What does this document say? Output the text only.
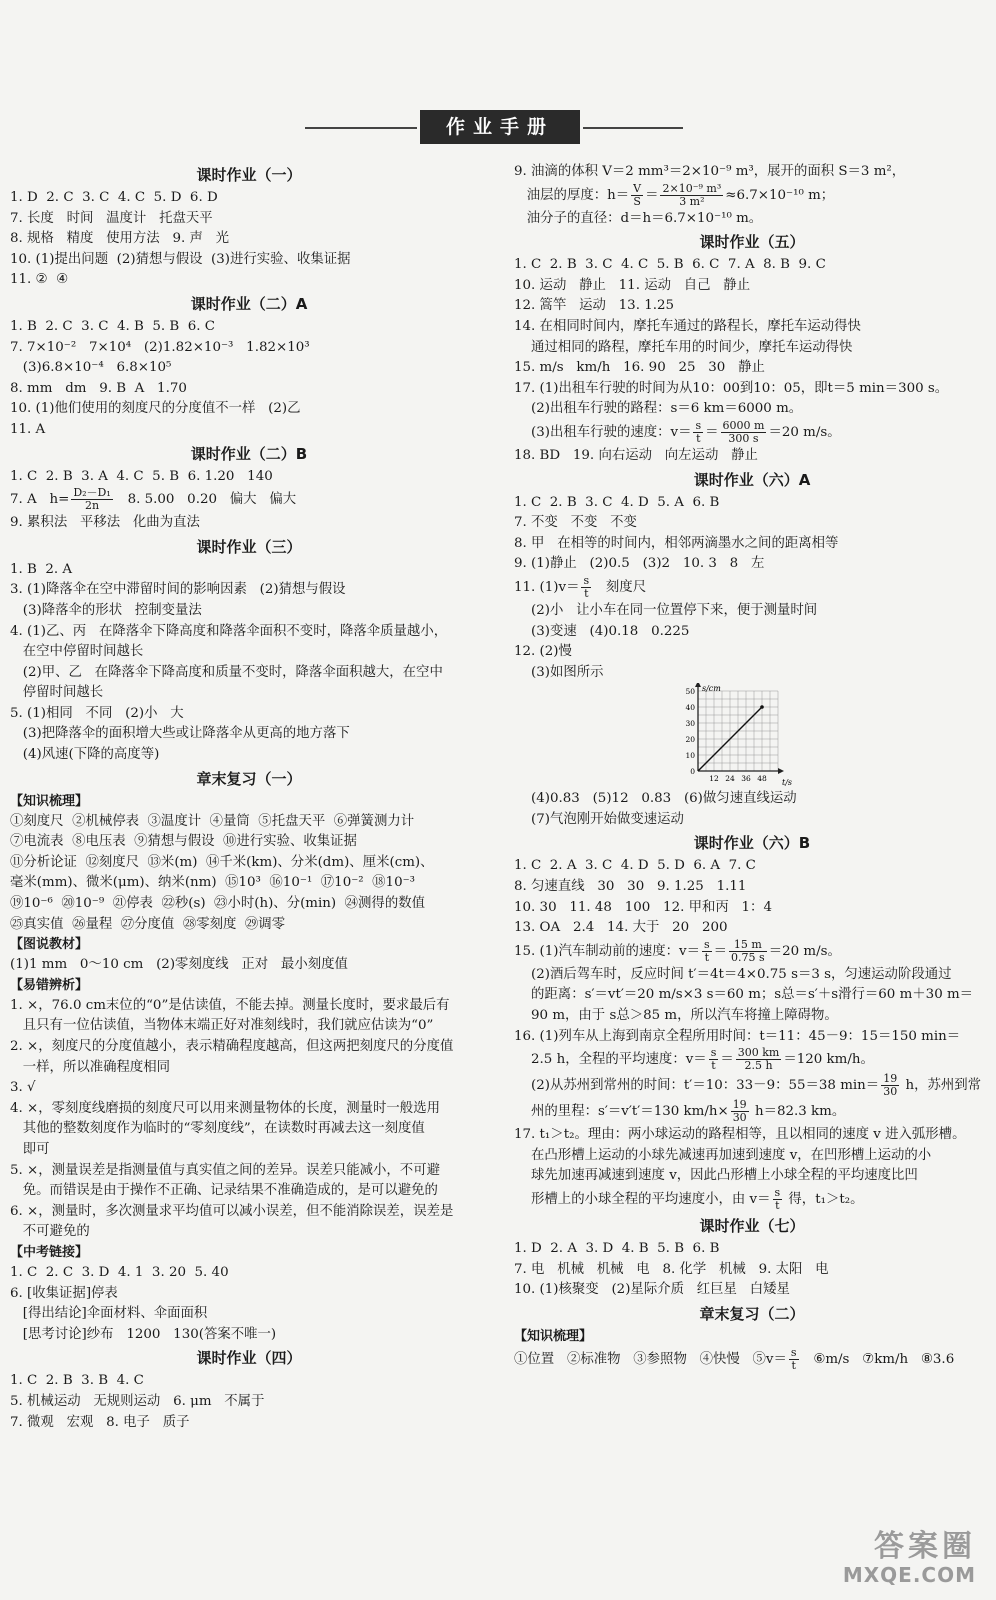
作业手册
课时作业（一）
1. D  2. C  3. C  4. C  5. D  6. D
7. 长度   时间   温度计   托盘天平
8. 规格   精度   使用方法   9. 声   光
10. (1)提出问题  (2)猜想与假设  (3)进行实验、收集证据
11. ②  ④
课时作业（二）A
1. B  2. C  3. C  4. B  5. B  6. C
7. 7×10⁻²   7×10⁴   (2)1.82×10⁻³   1.82×10³
(3)6.8×10⁻⁴   6.8×10⁵
8. mm   dm   9. B  A   1.70
10. (1)他们使用的刻度尺的分度值不一样   (2)乙
11. A
课时作业（二）B
1. C  2. B  3. A  4. C  5. B  6. 1.20   140
7. A   $h= \frac{\text{D₂－D₁}}{2n} 8$. 5.00   0.20   偏大   偏大
9. 累积法   平移法   化曲为直法
课时作业（三）
1. B  2. A
3. (1)降落伞在空中滞留时间的影响因素   (2)猜想与假设
(3)降落伞的形状   控制变量法
4. (1)乙、丙   在降落伞下降高度和降落伞面积不变时，降落伞质量越小，
在空中停留时间越长
(2)甲、乙   在降落伞下降高度和质量不变时，降落伞面积越大，在空中
停留时间越长
5. (1)相同   不同   (2)小   大
(3)把降落伞的面积增大些或让降落伞从更高的地方落下
(4)风速(下降的高度等)
章末复习（一）
【知识梳理】
①刻度尺  ②机械停表  ③温度计  ④量筒  ⑤托盘天平  ⑥弹簧测力计
⑦电流表  ⑧电压表  ⑨猜想与假设  ⑩进行实验、收集证据
⑪分析论证  ⑫刻度尺  ⑬米(m)  ⑭千米(km)、分米(dm)、厘米(cm)、
毫米(mm)、微米(μm)、纳米(nm)  ⑮10³  ⑯10⁻¹  ⑰10⁻²  ⑱10⁻³
⑲10⁻⁶  ⑳10⁻⁹  ㉑停表  ㉒秒(s)  ㉓小时(h)、分(min)  ㉔测得的数值
㉕真实值  ㉖量程  ㉗分度值  ㉘零刻度  ㉙调零
【图说教材】
(1)1 mm   0～10 cm   (2)零刻度线   正对   最小刻度值
【易错辨析】
1. ×，76.0 cm末位的“0”是估读值，不能去掉。测量长度时，要求最后有
且只有一位估读值，当物体末端正好对准刻线时，我们就应估读为“0”
2. ×，刻度尺的分度值越小，表示精确程度越高，但这两把刻度尺的分度值
一样，所以准确程度相同
3. √
4. ×，零刻度线磨损的刻度尺可以用来测量物体的长度，测量时一般选用
其他的整数刻度作为临时的“零刻度线”，在读数时再减去这一刻度值
即可
5. ×，测量误差是指测量值与真实值之间的差异。误差只能减小，不可避
免。而错误是由于操作不正确、记录结果不准确造成的，是可以避免的
6. ×，测量时，多次测量求平均值可以减小误差，但不能消除误差，误差是
不可避免的
【中考链接】
1. C  2. C  3. D  4. 1  3. 20  5. 40
6. [收集证据]停表
[得出结论]伞面材料、伞面面积
[思考讨论]纱布   1200   130(答案不唯一)
课时作业（四）
1. C  2. B  3. B  4. C
5. 机械运动   无规则运动   6. μm   不属于
7. 微观   宏观   8. 电子   质子
9. 油滴的体积 V＝2 mm³＝2×10⁻⁹ m³，展开的面积 S＝3 m²，
油层的厚度：$h= \frac{V}{S} = \frac{\text{2×10⁻⁹ m³}}{\text{3 m²}} \approx 6.7\times 10^{-10}$ m；
油分子的直径：d＝h＝6.7×10⁻¹⁰ m。
课时作业（五）
1. C  2. B  3. C  4. C  5. B  6. C  7. A  8. B  9. C
10. 运动   静止   11. 运动   自己   静止
12. 篙竿   运动   13. 1.25
14. 在相同时间内，摩托车通过的路程长，摩托车运动得快
通过相同的路程，摩托车用的时间少，摩托车运动得快
15. m/s   km/h   16. 90   25   30   静止
17. (1)出租车行驶的时间为从10：00到10：05，即t＝5 min＝300 s。
(2)出租车行驶的路程：s＝6 km＝6000 m。
(3)出租车行驶的速度：$v= \frac{s}{t} = \frac{6000 m}{300 s} =20$ m/s。
18. BD   19. 向右运动   向左运动   静止
课时作业（六）A
1. C  2. B  3. C  4. D  5. A  6. B
7. 不变   不变   不变
8. 甲   在相等的时间内，相邻两滴墨水之间的距离相等
9. (1)静止   (2)0.5   (3)2   10. 3   8   左
11. $(1)v= \frac{s}{t}$ 刻度尺
(2)小   让小车在同一位置停下来，便于测量时间
(3)变速   (4)0.18   0.225
12. (2)慢
(3)如图所示
50
40
30
20
10
0
12 24 36 48
s/cm
t/s
(4)0.83   (5)12   0.83   (6)做匀速直线运动
(7)气泡刚开始做变速运动
课时作业（六）B
1. C  2. A  3. C  4. D  5. D  6. A  7. C
8. 匀速直线   30   30   9. 1.25   1.11
10. 30   11. 48   100   12. 甲和丙   1：4
13. OA   2.4   14. 大于   20   200
15. (1)汽车制动前的速度：$v= \frac{s}{t} = \frac{15 m}{0.75 s} =20$ m/s。
(2)酒后驾车时，反应时间 t′＝4t＝4×0.75 s＝3 s，匀速运动阶段通过
的距离：s′＝vt′＝20 m/s×3 s＝60 m；s总＝s′＋s滑行＝60 m＋30 m＝
90 m，由于 s总＞85 m，所以汽车将撞上障碍物。
16. (1)列车从上海到南京全程所用时间：t＝11：45－9：15＝150 min＝
2.5 h，全程的平均速度：$v= \frac{s}{t} = \frac{300 km}{2.5 h} =120$ km/h。
(2)从苏州到常州的时间：t′＝10：33－9：55＝38 $\min= \frac{19}{30}$ h，苏州到常
州的里程：s′＝v′t′＝130 $km/h\times \frac{19}{30} h=82.3$ km。
17. t₁＞t₂。理由：两小球运动的路程相等，且以相同的速度 v 进入弧形槽。
在凸形槽上运动的小球先减速再加速到速度 v，在凹形槽上运动的小
球先加速再减速到速度 v，因此凸形槽上小球全程的平均速度比凹
形槽上的小球全程的平均速度小，由 $v= \frac{s}{t}$ 得，t₁＞t₂。
课时作业（七）
1. D  2. A  3. D  4. B  5. B  6. B
7. 电   机械   机械   电   8. 化学   机械   9. 太阳   电
10. (1)核聚变   (2)星际介质   红巨星   白矮星
章末复习（二）
【知识梳理】
①位置   ②标准物   ③参照物   ④快慢   ⑤v＝ $\frac{s}{t}$ ⑥m/s   ⑦km/h   ⑧3.6
答案圈
MXQE.COM
